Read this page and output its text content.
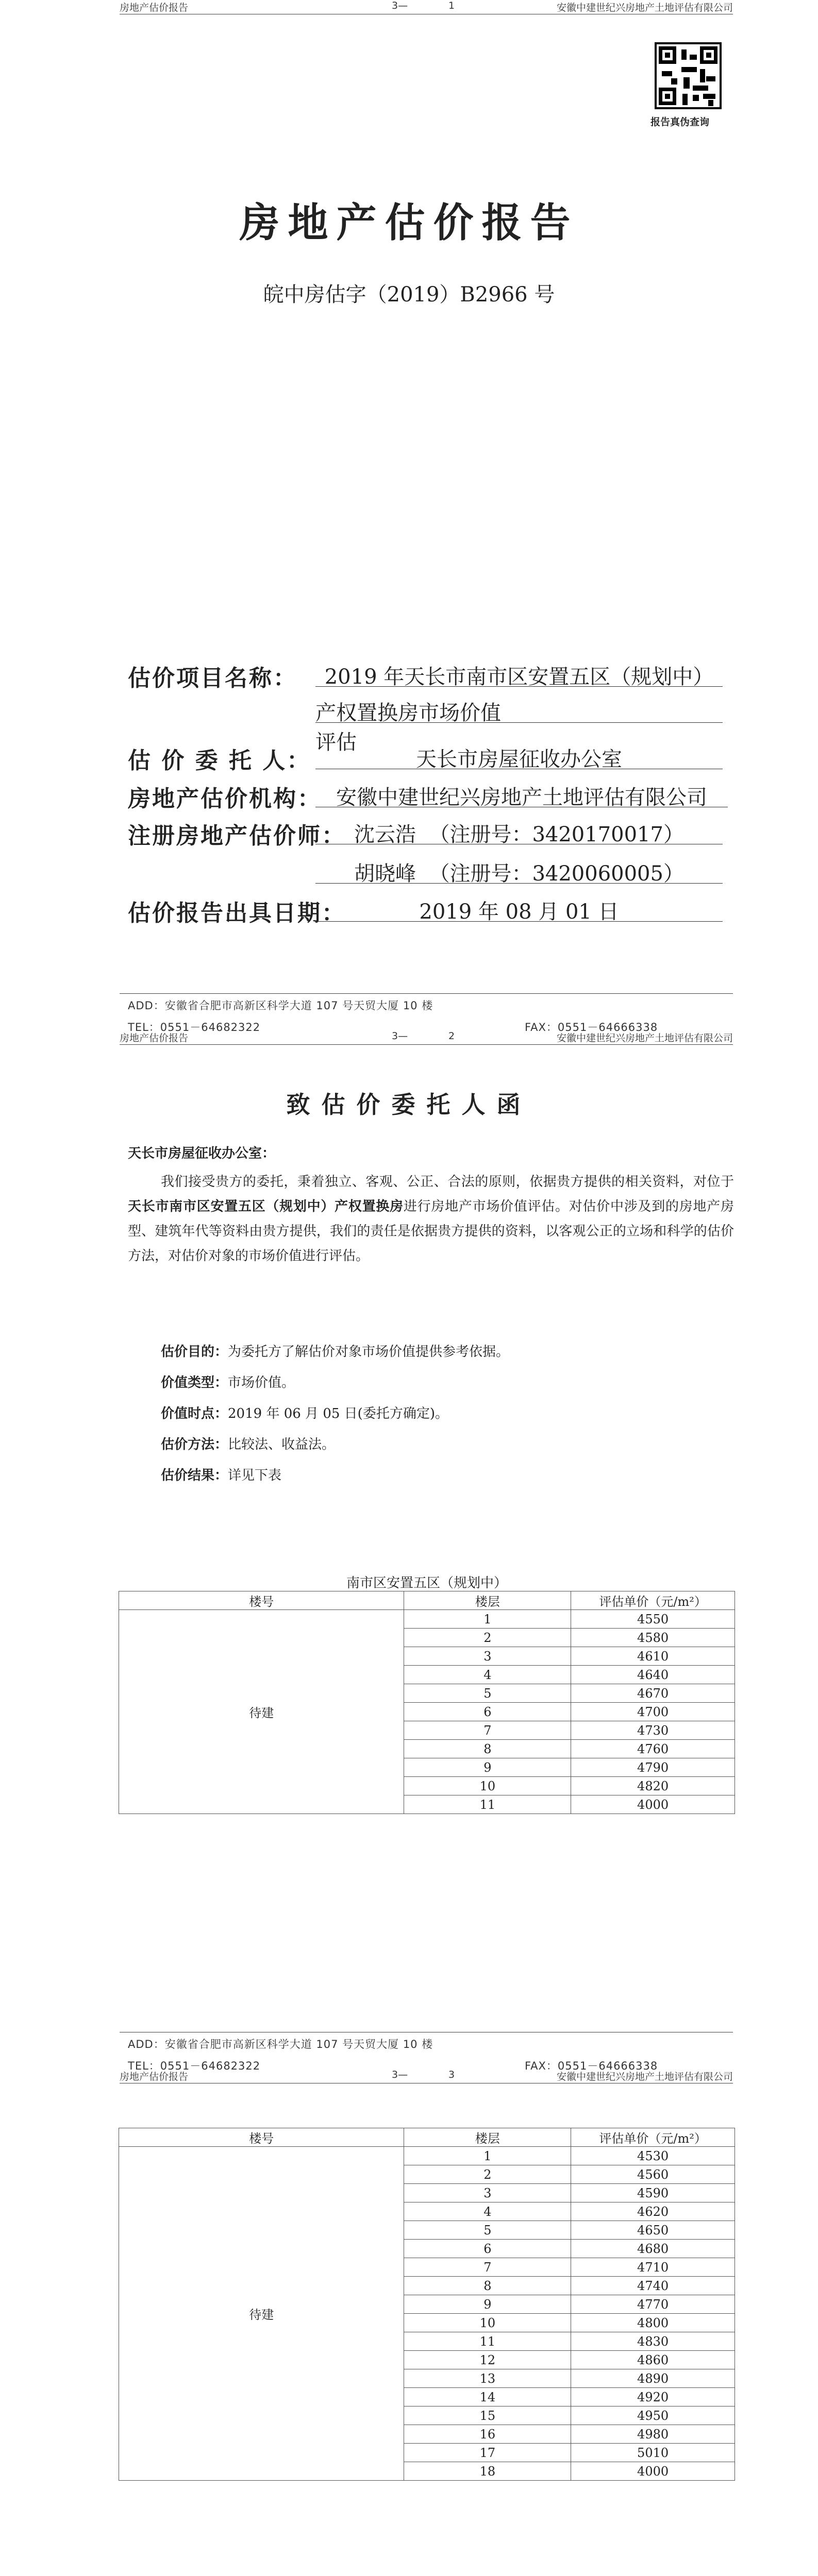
房地产估价报告	3—	1	安徽中建世纪兴房地产土地评估有限公司
报告真伪查询
房地产估价报告
皖中房估字（2019）B2966 号
估价项目名称：	2019 年天长市南市区安置五区（规划中）
产权置换房市场价值评估
估 价 委 托 人：	天长市房屋征收办公室
房地产估价机构： 安徽中建世纪兴房地产土地评估有限公司
注册房地产估价师： 沈云浩  （注册号：3420170017）
胡晓峰  （注册号：3420060005）
估价报告出具日期：	2019 年 08 月 01 日
ADD：安徽省合肥市高新区科学大道 107 号天贸大厦 10 楼
TEL：0551－64682322	FAX：0551－64666338
房地产估价报告	3—	2	安徽中建世纪兴房地产土地评估有限公司
致估价委托人函
天长市房屋征收办公室：
我们接受贵方的委托，秉着独立、客观、公正、合法的原则，依据贵方提供的相关资料，对位于天长市南市区安置五区（规划中）产权置换房进行房地产市场价值评估。对估价中涉及到的房地产房型、建筑年代等资料由贵方提供，我们的责任是依据贵方提供的资料，以客观公正的立场和科学的估价方法，对估价对象的市场价值进行评估。
估价目的：为委托方了解估价对象市场价值提供参考依据。
价值类型：市场价值。
价值时点：2019 年 06 月 05 日(委托方确定)。
估价方法：比较法、收益法。
估价结果：详见下表
南市区安置五区（规划中）
楼号	楼层	评估单价（元/m²）
待建	1	4550
	2	4580
	3	4610
	4	4640
	5	4670
	6	4700
	7	4730
	8	4760
	9	4790
	10	4820
	11	4000
ADD：安徽省合肥市高新区科学大道 107 号天贸大厦 10 楼
TEL：0551－64682322	FAX：0551－64666338
房地产估价报告	3—	3	安徽中建世纪兴房地产土地评估有限公司
楼号	楼层	评估单价（元/m²）
待建	1	4530
	2	4560
	3	4590
	4	4620
	5	4650
	6	4680
	7	4710
	8	4740
	9	4770
	10	4800
	11	4830
	12	4860
	13	4890
	14	4920
	15	4950
	16	4980
	17	5010
	18	4000
